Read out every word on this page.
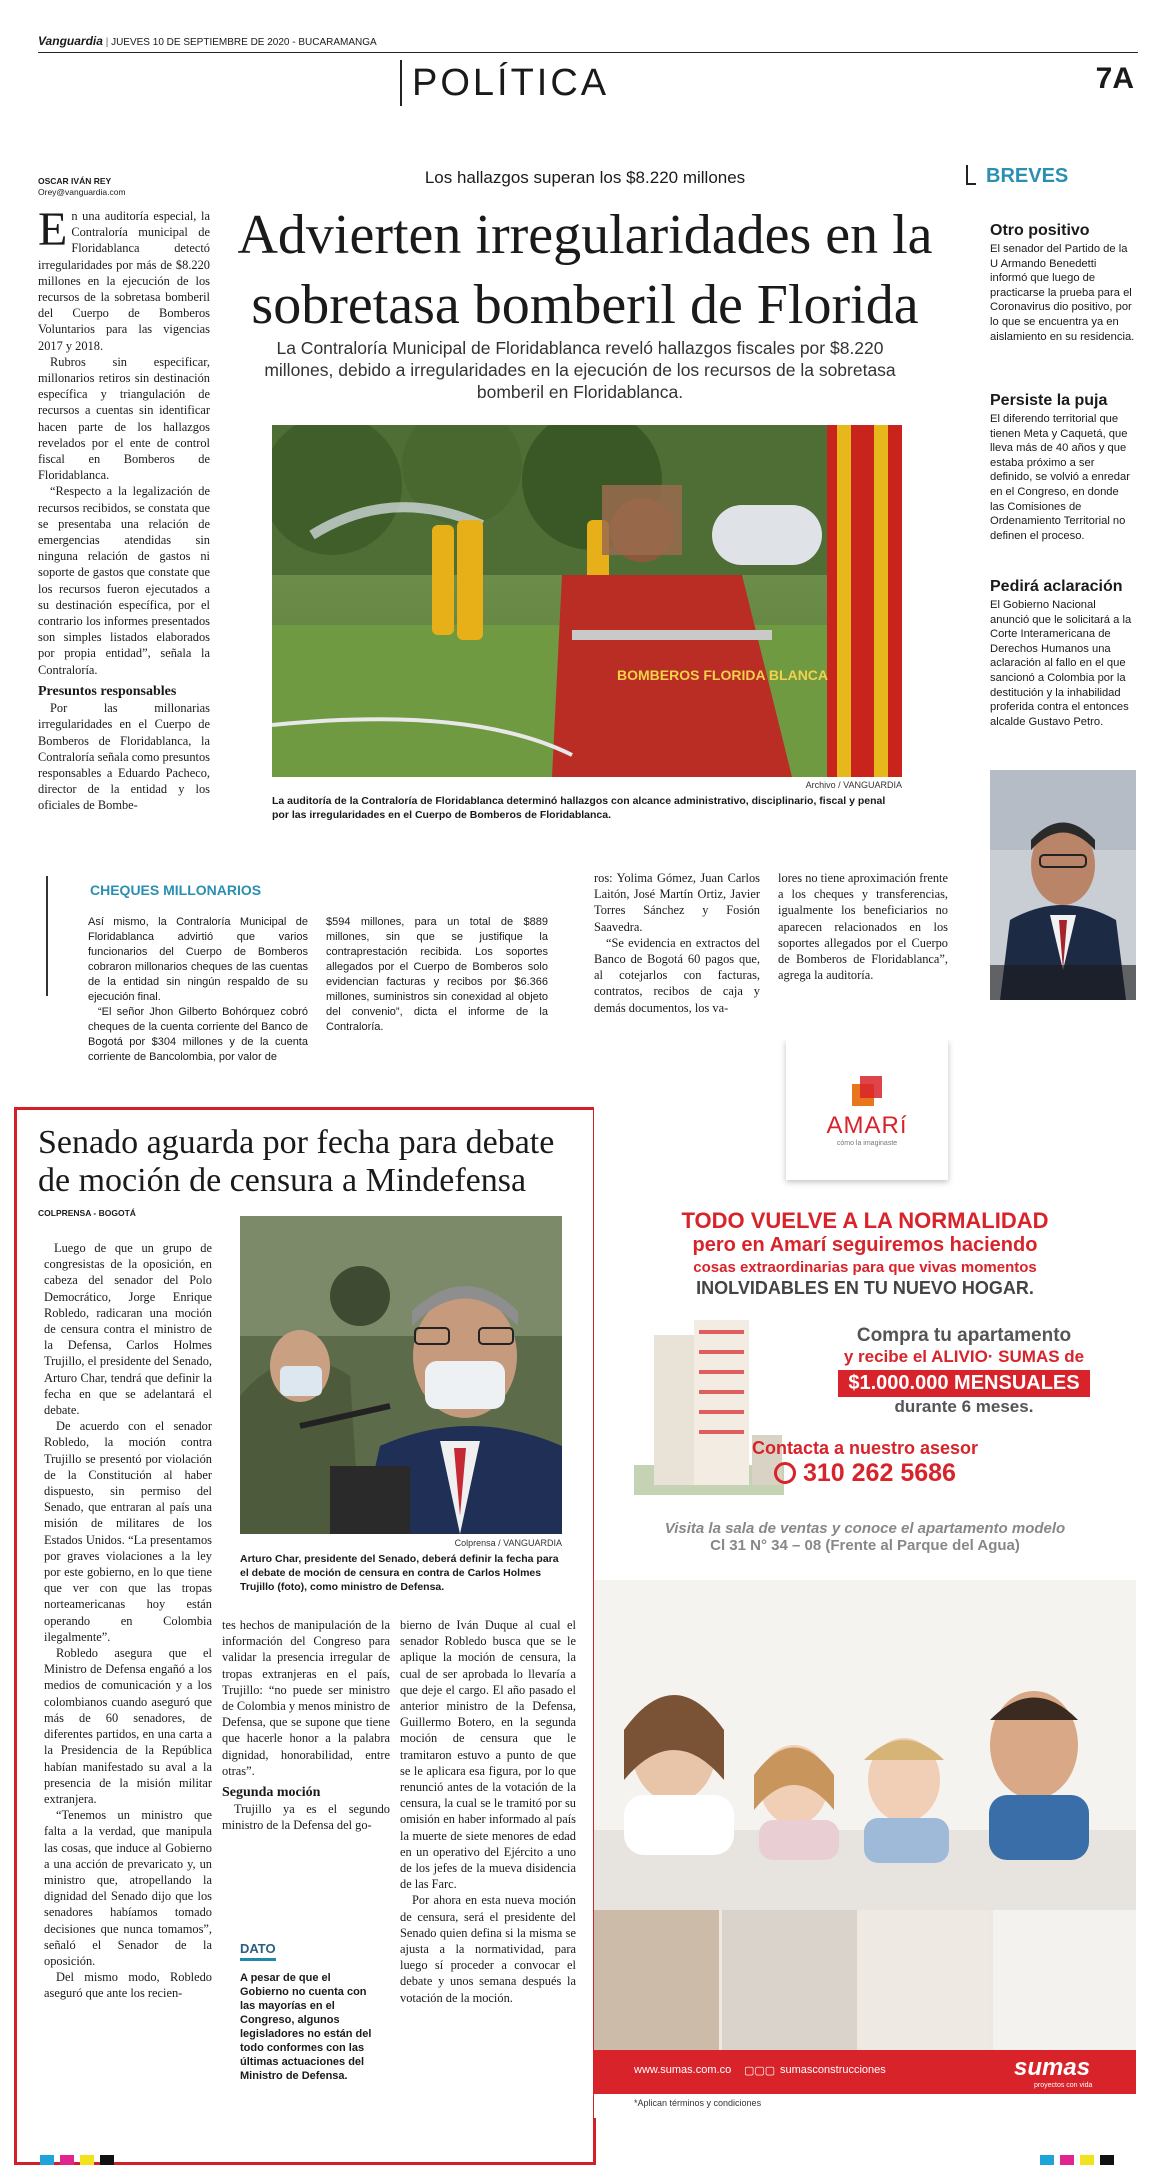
Vanguardia | JUEVES 10 DE SEPTIEMBRE DE 2020 - BUCARAMANGA
POLÍTICA	7A
OSCAR IVÁN REY
Orey@vanguardia.com
E n una auditoría especial, la Contraloría municipal de Floridablanca detectó irregularidades por más de $8.220 millones en la ejecución de los recursos de la sobretasa bomberil del Cuerpo de Bomberos Voluntarios para las vigencias 2017 y 2018.

Rubros sin especificar, millonarios retiros sin destinación específica y triangulación de recursos a cuentas sin identificar hacen parte de los hallazgos revelados por el ente de control fiscal en Bomberos de Floridablanca.

“Respecto a la legalización de recursos recibidos, se constata que se presentaba una relación de emergencias atendidas sin ninguna relación de gastos ni soporte de gastos que constate que los recursos fueron ejecutados a su destinación específica, por el contrario los informes presentados son simples listados elaborados por propia entidad”, señala la Contraloría.

Presuntos responsables

Por las millonarias irregularidades en el Cuerpo de Bomberos de Floridablanca, la Contraloría señala como presuntos responsables a Eduardo Pacheco, director de la entidad y los oficiales de Bombe-

Los hallazgos superan los $8.220 millones
Advierten irregularidades en la sobretasa bomberil de Florida
La Contraloría Municipal de Floridablanca reveló hallazgos fiscales por $8.220 millones, debido a irregularidades en la ejecución de los recursos de la sobretasa bomberil en Floridablanca.
BOMBEROS FLORIDA BLANCA
Archivo / VANGUARDIA
La auditoría de la Contraloría de Floridablanca determinó hallazgos con alcance administrativo, disciplinario, fiscal y penal por las irregularidades en el Cuerpo de Bomberos de Floridablanca.
CHEQUES MILLONARIOS

Así mismo, la Contraloría Municipal de Floridablanca advirtió que varios funcionarios del Cuerpo de Bomberos cobraron millonarios cheques de las cuentas de la entidad sin ningún respaldo de su ejecución final.

“El señor Jhon Gilberto Bohórquez cobró cheques de la cuenta corriente del Banco de Bogotá por $304 millones y de la cuenta corriente de Bancolombia, por valor de

$594 millones, para un total de $889 millones, sin que se justifique la contraprestación recibida. Los soportes allegados por el Cuerpo de Bomberos solo evidencian facturas y recibos por $6.366 millones, suministros sin conexidad al objeto del convenio”, dicta el informe de la Contraloría.

ros: Yolima Gómez, Juan Carlos Laitón, José Martín Ortiz, Javier Torres Sánchez y Fosión Saavedra.

“Se evidencia en extractos del Banco de Bogotá 60 pagos que, al cotejarlos con facturas, contratos, recibos de caja y demás documentos, los va-

lores no tiene aproximación frente a los cheques y transferencias, igualmente los beneficiarios no aparecen relacionados en los soportes allegados por el Cuerpo de Bomberos de Floridablanca”, agrega la auditoría.

BREVES
Otro positivo

El senador del Partido de la U Armando Benedetti informó que luego de practicarse la prueba para el Coronavirus dio positivo, por lo que se encuentra ya en aislamiento en su residencia.

Persiste la puja

El diferendo territorial que tienen Meta y Caquetá, que lleva más de 40 años y que estaba próximo a ser definido, se volvió a enredar en el Congreso, en donde las Comisiones de Ordenamiento Territorial no definen el proceso.

Pedirá aclaración

El Gobierno Nacional anunció que le solicitará a la Corte Interamericana de Derechos Humanos una aclaración al fallo en el que sancionó a Colombia por la destitución y la inhabilidad proferida contra el entonces alcalde Gustavo Petro.

Senado aguarda por fecha para debate de moción de censura a Mindefensa
COLPRENSA - BOGOTÁ

Luego de que un grupo de congresistas de la oposición, en cabeza del senador del Polo Democrático, Jorge Enrique Robledo, radicaran una moción de censura contra el ministro de la Defensa, Carlos Holmes Trujillo, el presidente del Senado, Arturo Char, tendrá que definir la fecha en que se adelantará el debate.

De acuerdo con el senador Robledo, la moción contra Trujillo se presentó por violación de la Constitución al haber dispuesto, sin permiso del Senado, que entraran al país una misión de militares de los Estados Unidos. “La presentamos por graves violaciones a la ley por este gobierno, en lo que tiene que ver con que las tropas norteamericanas hoy están operando en Colombia ilegalmente”.

Robledo asegura que el Ministro de Defensa engañó a los medios de comunicación y a los colombianos cuando aseguró que más de 60 senadores, de diferentes partidos, en una carta a la Presidencia de la República habían manifestado su aval a la presencia de la misión militar extranjera.

“Tenemos un ministro que falta a la verdad, que manipula las cosas, que induce al Gobierno a una acción de prevaricato y, un ministro que, atropellando la dignidad del Senado dijo que los senadores habíamos tomado decisiones que nunca tomamos”, señaló el Senador de la oposición.

Del mismo modo, Robledo aseguró que ante los recien-

Colprensa / VANGUARDIA
Arturo Char, presidente del Senado, deberá definir la fecha para el debate de moción de censura en contra de Carlos Holmes Trujillo (foto), como ministro de Defensa.

tes hechos de manipulación de la información del Congreso para validar la presencia irregular de tropas extranjeras en el país, Trujillo: “no puede ser ministro de Colombia y menos ministro de Defensa, que se supone que tiene que hacerle honor a la palabra dignidad, honorabilidad, entre otras”.

Segunda moción

Trujillo ya es el segundo ministro de la Defensa del go-

DATO

A pesar de que el Gobierno no cuenta con las mayorías en el Congreso, algunos legisladores no están del todo conformes con las últimas actuaciones del Ministro de Defensa.

bierno de Iván Duque al cual el senador Robledo busca que se le aplique la moción de censura, la cual de ser aprobada lo llevaría a que deje el cargo. El año pasado el anterior ministro de la Defensa, Guillermo Botero, en la segunda moción de censura que le tramitaron estuvo a punto de que se le aplicara esa figura, por lo que renunció antes de la votación de la censura, la cual se le tramitó por su omisión en haber informado al país la muerte de siete menores de edad en un operativo del Ejército a uno de los jefes de la mueva disidencia de las Farc.

Por ahora en esta nueva moción de censura, será el presidente del Senado quien defina si la misma se ajusta a la normatividad, para luego sí proceder a convocar el debate y unos semana después la votación de la moción.

AMARí
cómo la imaginaste
TODO VUELVE A LA NORMALIDAD
pero en Amarí seguiremos haciendo
cosas extraordinarias para que vivas momentos
INOLVIDABLES EN TU NUEVO HOGAR.
Compra tu apartamento
y recibe el ALIVIO· SUMAS de
$1.000.000 MENSUALES
durante 6 meses.
Contacta a nuestro asesor
310 262 5686
Visita la sala de ventas y conoce el apartamento modelo
Cl 31 N° 34 – 08 (Frente al Parque del Agua)
www.sumas.com.co ▢▢▢ sumasconstrucciones	sumas
proyectos con vida
*Aplican términos y condiciones
